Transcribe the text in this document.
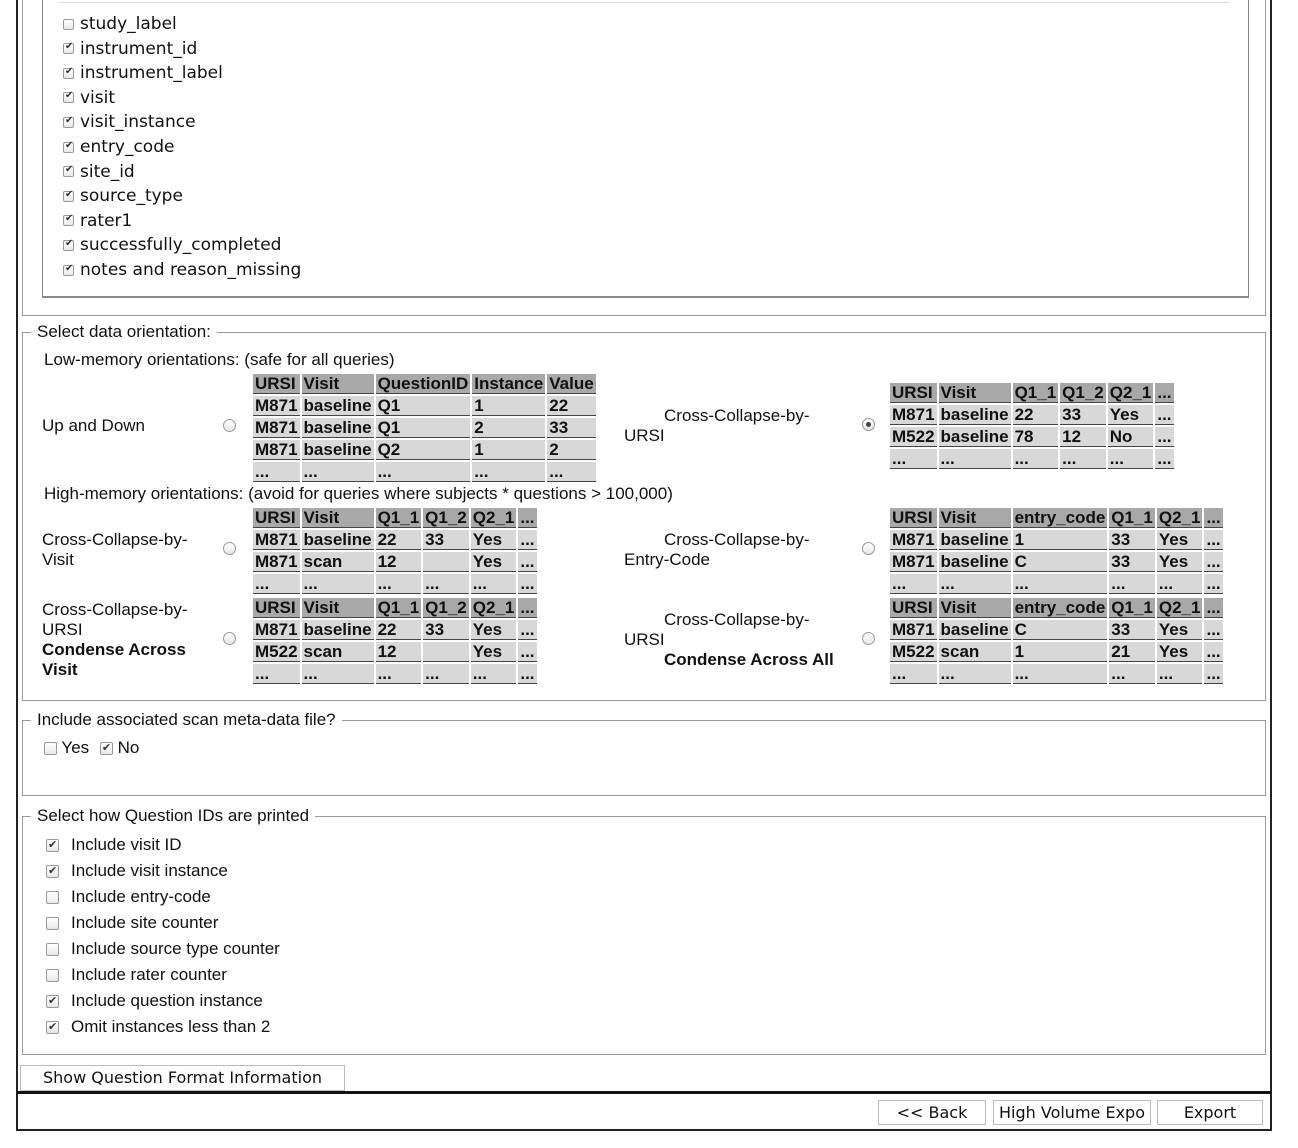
study_label
✔instrument_id
✔instrument_label
✔visit
✔visit_instance
✔entry_code
✔site_id
✔source_type
✔rater1
✔successfully_completed
✔notes and reason_missing
Select data orientation:
Low-memory orientations: (safe for all queries)
High-memory orientations: (avoid for queries where subjects * questions > 100,000)
Up and Down
URSI	Visit	QuestionID	Instance	Value
M871	baseline	Q1	1	22
M871	baseline	Q1	2	33
M871	baseline	Q2	1	2
...	...	...	...	...
Cross-Collapse-by-
URSI
URSI	Visit	Q1_1	Q1_2	Q2_1	...
M871	baseline	22	33	Yes	...
M522	baseline	78	12	No	...
...	...	...	...	...	...
Cross-Collapse-by-
Visit
URSI	Visit	Q1_1	Q1_2	Q2_1	...
M871	baseline	22	33	Yes	...
M871	scan	12		Yes	...
...	...	...	...	...	...
Cross-Collapse-by-
Entry-Code
URSI	Visit	entry_code	Q1_1	Q2_1	...
M871	baseline	1	33	Yes	...
M871	baseline	C	33	Yes	...
...	...	...	...	...	...
Cross-Collapse-by-
URSI
Condense Across
Visit
URSI	Visit	Q1_1	Q1_2	Q2_1	...
M871	baseline	22	33	Yes	...
M522	scan	12		Yes	...
...	...	...	...	...	...
Cross-Collapse-by-
URSI
Condense Across All
URSI	Visit	entry_code	Q1_1	Q2_1	...
M871	baseline	C	33	Yes	...
M522	scan	1	21	Yes	...
...	...	...	...	...	...
Include associated scan meta-data file?
Yes ✔ No
Select how Question IDs are printed
✔Include visit ID
✔Include visit instance
Include entry-code
Include site counter
Include source type counter
Include rater counter
✔Include question instance
✔Omit instances less than 2
Show Question Format Information
<< Back	High Volume Expo	Export
